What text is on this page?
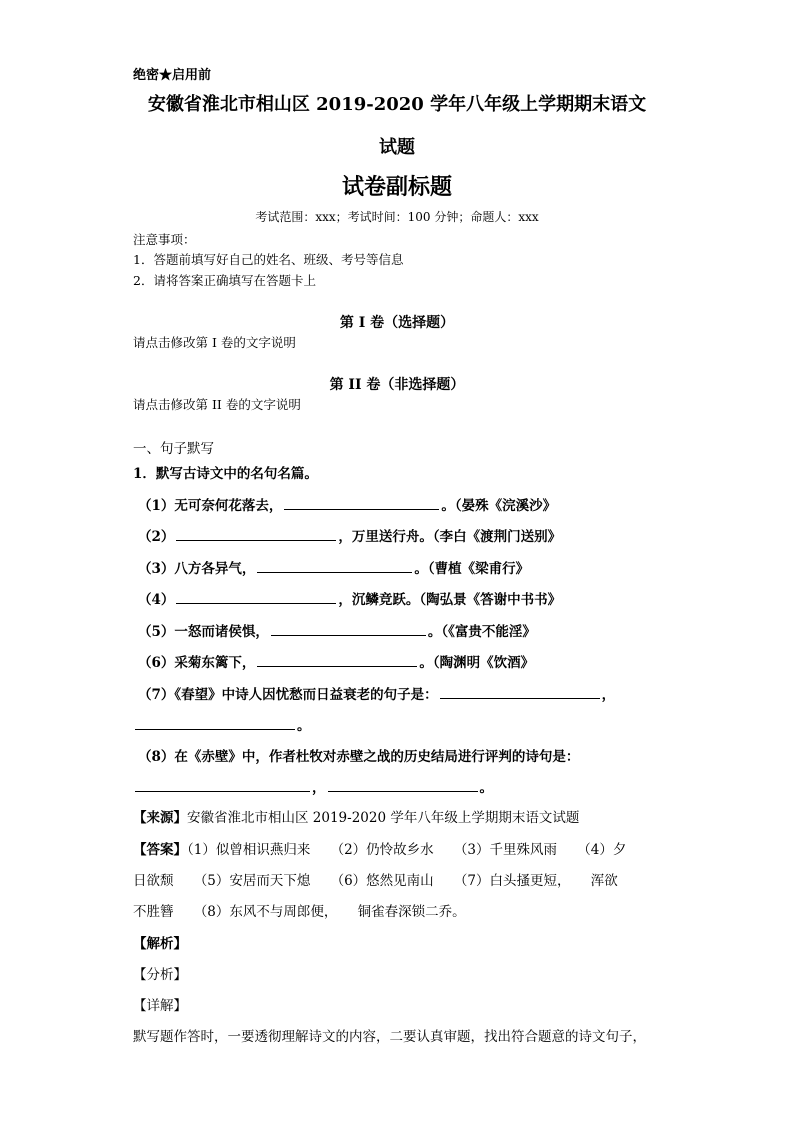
绝密★启用前
安徽省淮北市相山区 2019-2020 学年八年级上学期期末语文
试题
试卷副标题
考试范围：xxx；考试时间：100 分钟；命题人：xxx
注意事项：
1．答题前填写好自己的姓名、班级、考号等信息
2．请将答案正确填写在答题卡上
第 I 卷（选择题）
请点击修改第 I 卷的文字说明
第 II 卷（非选择题）
请点击修改第 II 卷的文字说明
一、句子默写
1．默写古诗文中的名句名篇。
（1）无可奈何花落去，	。（晏殊《浣溪沙》
（2）	，万里送行舟。（李白《渡荆门送别》
（3）八方各异气，	。（曹植《梁甫行》
（4）	，沉鳞竞跃。（陶弘景《答谢中书书》
（5）一怒而诸侯惧，	。（《富贵不能淫》
（6）采菊东篱下，	。（陶渊明《饮酒》
（7）《春望》中诗人因忧愁而日益衰老的句子是：	，
。
（8）在《赤壁》中，作者杜牧对赤壁之战的历史结局进行评判的诗句是：
，	。
【来源】安徽省淮北市相山区 2019-2020 学年八年级上学期期末语文试题
【答案】（1）似曾相识燕归来　　（2）仍怜故乡水　　（3）千里殊风雨　　（4）夕
日欲颓　　（5）安居而天下熄　　（6）悠然见南山　　（7）白头搔更短，　　浑欲
不胜簪　　（8）东风不与周郎便，　　铜雀春深锁二乔。
【解析】
【分析】
【详解】
默写题作答时，一要透彻理解诗文的内容，二要认真审题，找出符合题意的诗文句子，
